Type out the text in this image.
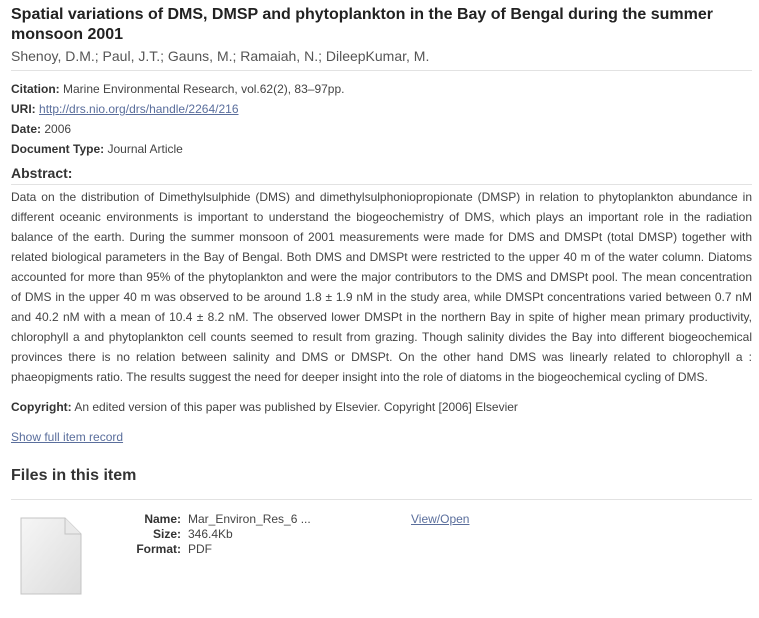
Spatial variations of DMS, DMSP and phytoplankton in the Bay of Bengal during the summer monsoon 2001
Shenoy, D.M.; Paul, J.T.; Gauns, M.; Ramaiah, N.; DileepKumar, M.
Citation: Marine Environmental Research, vol.62(2), 83–97pp.
URI: http://drs.nio.org/drs/handle/2264/216
Date: 2006
Document Type: Journal Article
Abstract:
Data on the distribution of Dimethylsulphide (DMS) and dimethylsulphoniopropionate (DMSP) in relation to phytoplankton abundance in different oceanic environments is important to understand the biogeochemistry of DMS, which plays an important role in the radiation balance of the earth. During the summer monsoon of 2001 measurements were made for DMS and DMSPt (total DMSP) together with related biological parameters in the Bay of Bengal. Both DMS and DMSPt were restricted to the upper 40 m of the water column. Diatoms accounted for more than 95% of the phytoplankton and were the major contributors to the DMS and DMSPt pool. The mean concentration of DMS in the upper 40 m was observed to be around 1.8 ± 1.9 nM in the study area, while DMSPt concentrations varied between 0.7 nM and 40.2 nM with a mean of 10.4 ± 8.2 nM. The observed lower DMSPt in the northern Bay in spite of higher mean primary productivity, chlorophyll a and phytoplankton cell counts seemed to result from grazing. Though salinity divides the Bay into different biogeochemical provinces there is no relation between salinity and DMS or DMSPt. On the other hand DMS was linearly related to chlorophyll a : phaeopigments ratio. The results suggest the need for deeper insight into the role of diatoms in the biogeochemical cycling of DMS.
Copyright: An edited version of this paper was published by Elsevier. Copyright [2006] Elsevier
Show full item record
Files in this item
Name: Mar_Environ_Res_6 ...
Size: 346.4Kb
Format: PDF
View/Open
